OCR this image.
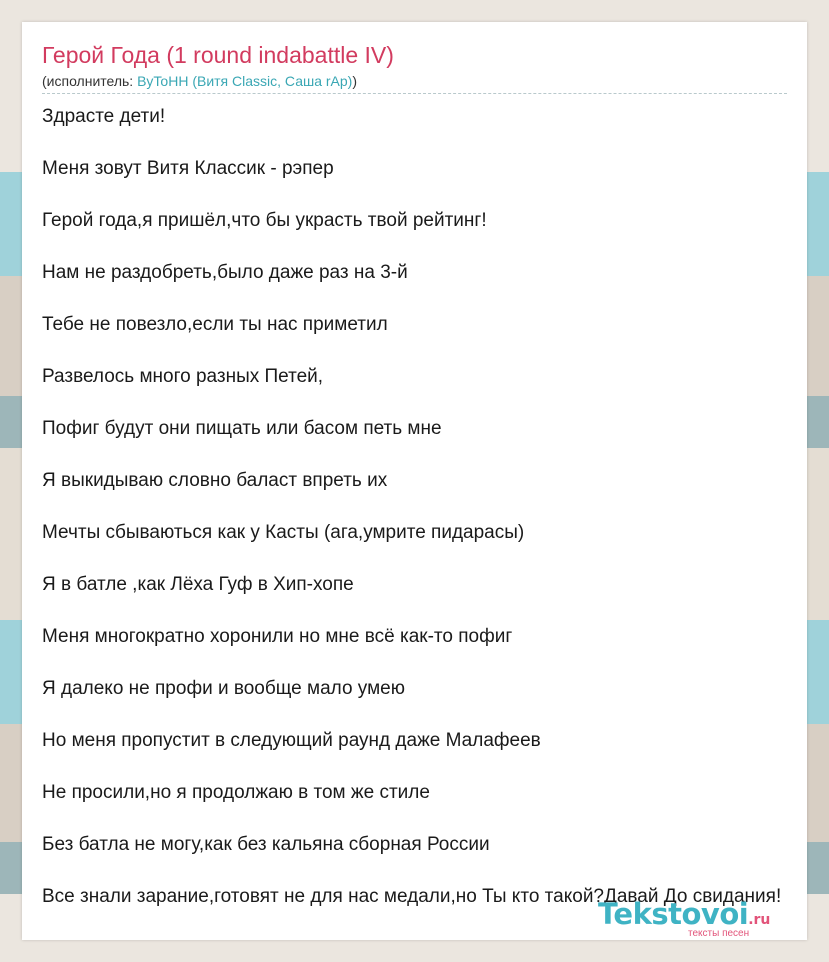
Герой Года (1 round indabattle IV)
(исполнитель: ByToHH (Витя Classic, Саша rAp))
Здрасте дети!
Меня зовут Витя Классик - рэпер
Герой года,я пришёл,что бы украсть твой рейтинг!
Нам не раздобреть,было даже раз на 3-й
Тебе не повезло,если ты нас приметил
Развелось много разных Петей,
Пофиг будут они пищать или басом петь мне
Я выкидываю словно баласт впреть их
Мечты сбываються как у Касты (ага,умрите пидарасы)
Я в батле ,как Лёха Гуф в Хип-хопе
Меня многократно хоронили но мне всё как-то пофиг
Я далеко не профи и вообще мало умею
Но меня пропустит в следующий раунд даже Малафеев
Не просили,но я продолжаю в том же стиле
Без батла не могу,как без кальяна сборная России
Все знали зарание,готовят не для нас медали,но Ты кто такой?Давай До свидания!
Tekstovoi.ru
тексты песен
